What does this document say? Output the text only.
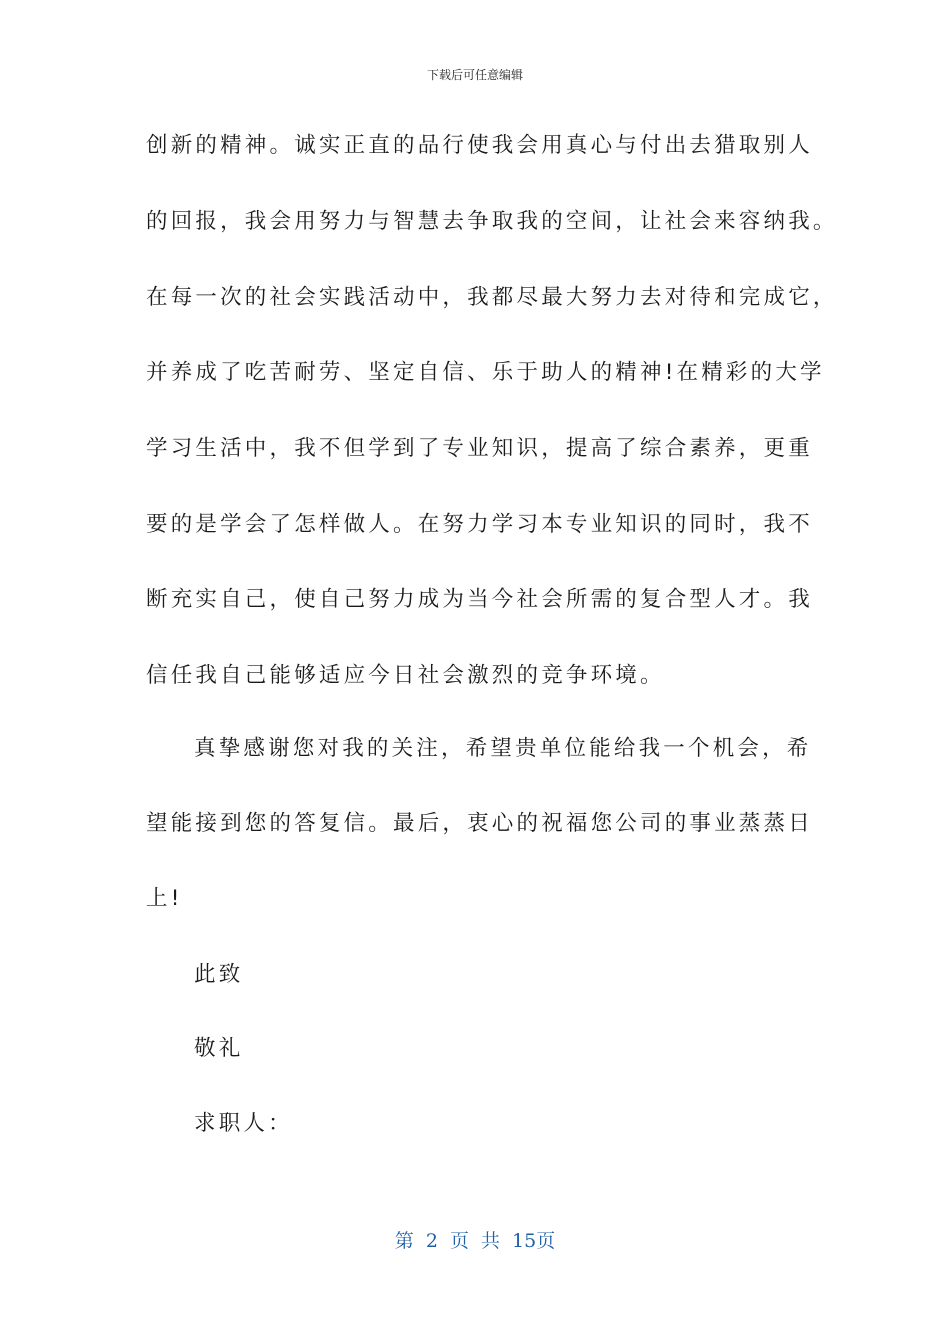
下载后可任意编辑
创新的精神。诚实正直的品行使我会用真心与付出去猎取别人
的回报，我会用努力与智慧去争取我的空间，让社会来容纳我。
在每一次的社会实践活动中，我都尽最大努力去对待和完成它，
并养成了吃苦耐劳、坚定自信、乐于助人的精神!在精彩的大学
学习生活中，我不但学到了专业知识，提高了综合素养，更重
要的是学会了怎样做人。在努力学习本专业知识的同时，我不
断充实自己，使自己努力成为当今社会所需的复合型人才。我
信任我自己能够适应今日社会激烈的竞争环境。
真挚感谢您对我的关注，希望贵单位能给我一个机会，希
望能接到您的答复信。最后，衷心的祝福您公司的事业蒸蒸日
上!
此致
敬礼
求职人：
第 2 页 共 15页
